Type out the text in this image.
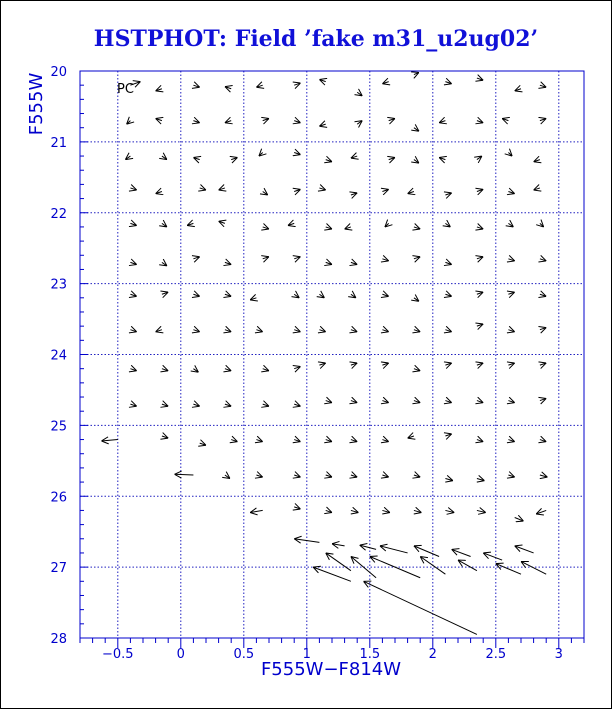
HSTPHOT: Field ’fake m31_u2ug02’
−0.5	0	0.5	1	1.5	2	2.5	3
20
21
22
23
24
25
26
27
28
PC
F555W−F814W
F555W
